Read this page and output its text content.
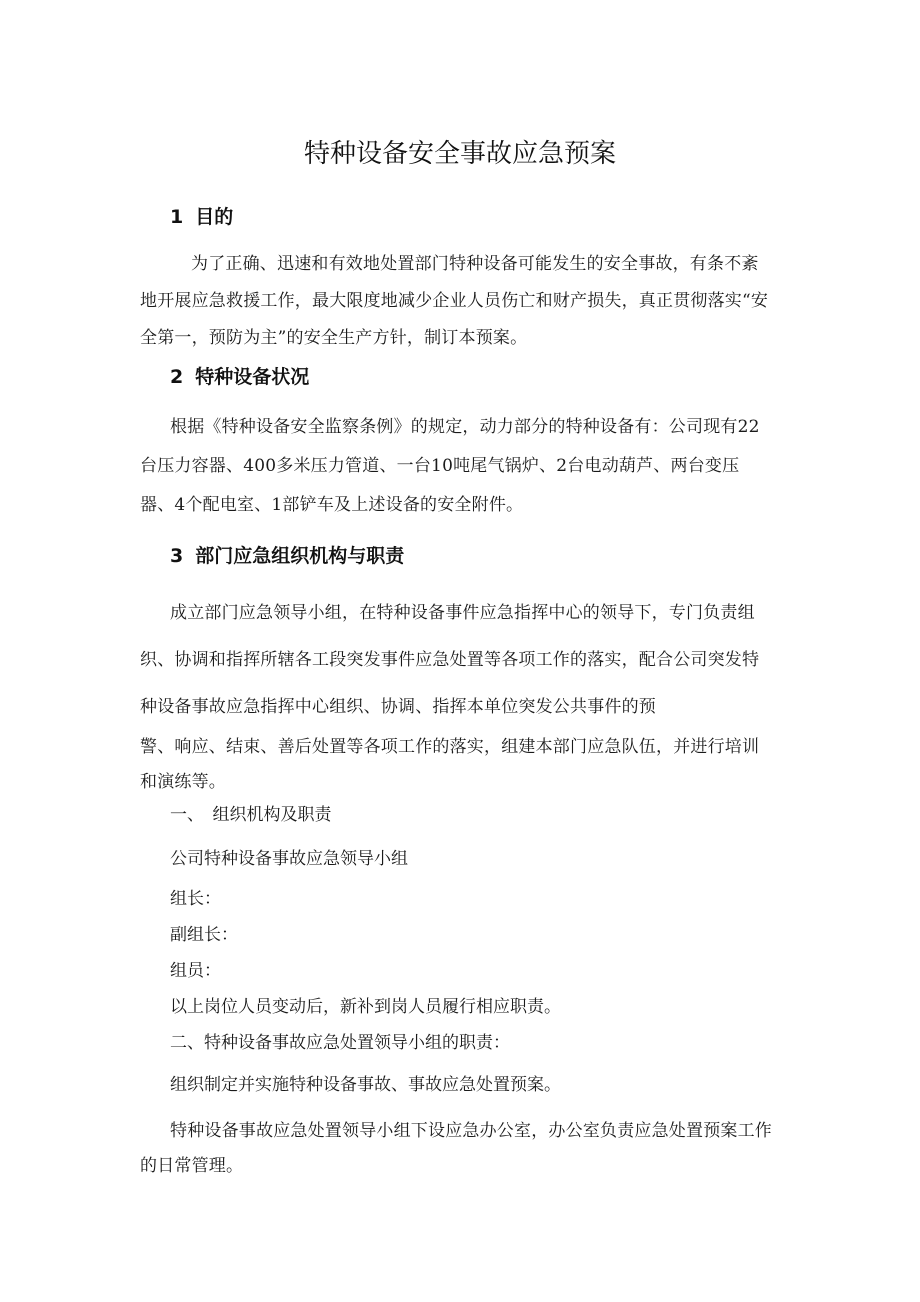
特种设备安全事故应急预案
1 目的
为了正确、迅速和有效地处置部门特种设备可能发生的安全事故，有条不紊地开展应急救援工作，最大限度地减少企业人员伤亡和财产损失，真正贯彻落实“安全第一，预防为主”的安全生产方针，制订本预案。
2 特种设备状况
根据《特种设备安全监察条例》的规定，动力部分的特种设备有：公司现有22台压力容器、400多米压力管道、一台10吨尾气锅炉、2台电动葫芦、两台变压器、4个配电室、1部铲车及上述设备的安全附件。
3 部门应急组织机构与职责
成立部门应急领导小组，在特种设备事件应急指挥中心的领导下，专门负责组织、协调和指挥所辖各工段突发事件应急处置等各项工作的落实，配合公司突发特种设备事故应急指挥中心组织、协调、指挥本单位突发公共事件的预
警、响应、结束、善后处置等各项工作的落实，组建本部门应急队伍，并进行培训和演练等。
一、　组织机构及职责
公司特种设备事故应急领导小组
组长：
副组长：
组员：
以上岗位人员变动后，新补到岗人员履行相应职责。
二、特种设备事故应急处置领导小组的职责：
组织制定并实施特种设备事故、事故应急处置预案。
特种设备事故应急处置领导小组下设应急办公室，办公室负责应急处置预案工作的日常管理。
